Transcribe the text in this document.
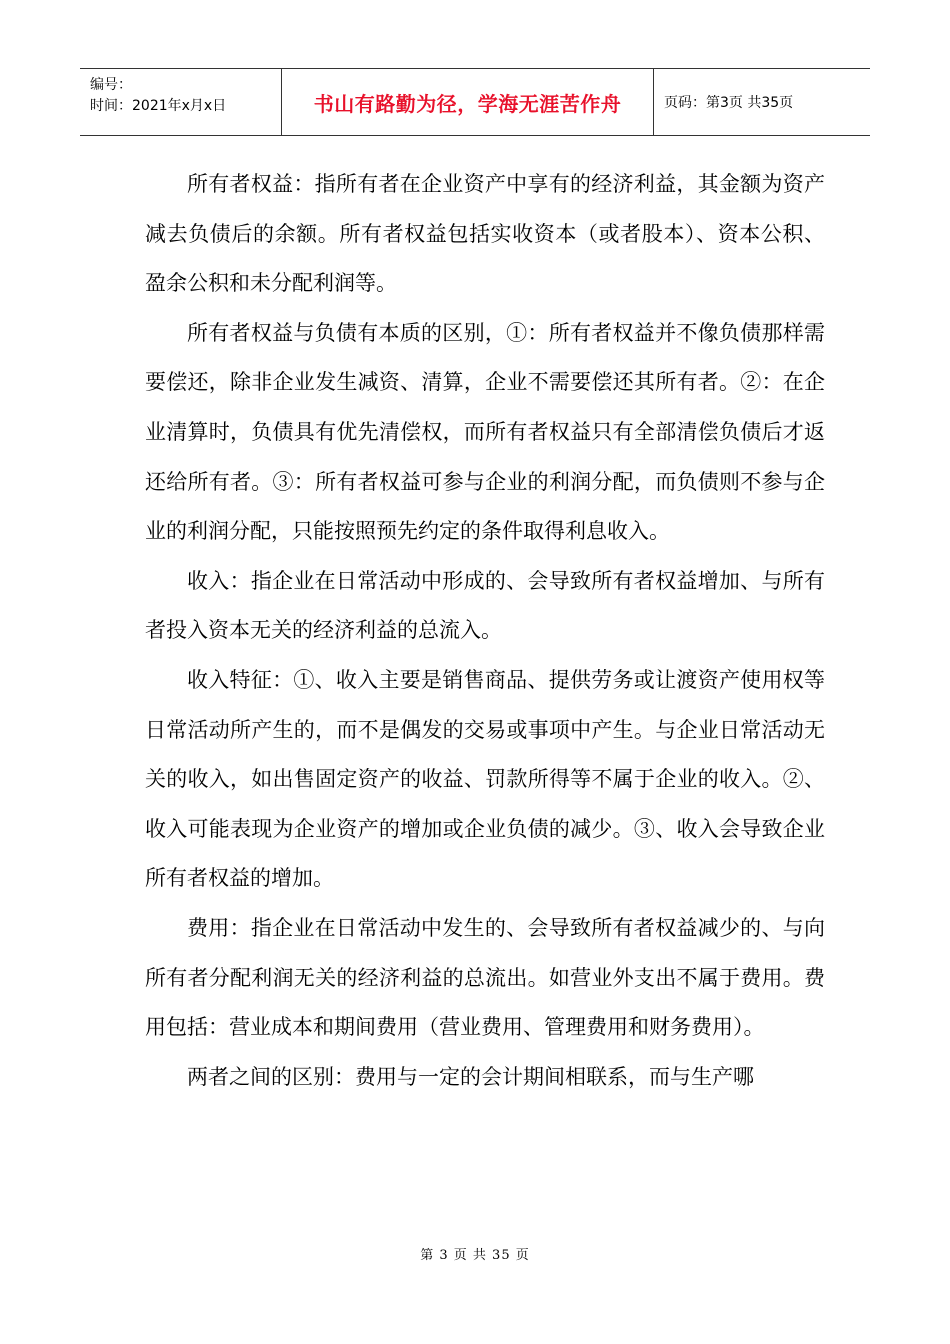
编号：
时间：2021年x月x日	书山有路勤为径，学海无涯苦作舟	页码：第3页 共35页

所有者权益：指所有者在企业资产中享有的经济利益，其金额为资产减去负债后的余额。所有者权益包括实收资本（或者股本）、资本公积、盈余公积和未分配利润等。

所有者权益与负债有本质的区别，①：所有者权益并不像负债那样需要偿还，除非企业发生减资、清算，企业不需要偿还其所有者。②：在企业清算时，负债具有优先清偿权，而所有者权益只有全部清偿负债后才返还给所有者。③：所有者权益可参与企业的利润分配，而负债则不参与企业的利润分配，只能按照预先约定的条件取得利息收入。

收入：指企业在日常活动中形成的、会导致所有者权益增加、与所有者投入资本无关的经济利益的总流入。

收入特征：①、收入主要是销售商品、提供劳务或让渡资产使用权等日常活动所产生的，而不是偶发的交易或事项中产生。与企业日常活动无关的收入，如出售固定资产的收益、罚款所得等不属于企业的收入。②、收入可能表现为企业资产的增加或企业负债的减少。③、收入会导致企业所有者权益的增加。

费用：指企业在日常活动中发生的、会导致所有者权益减少的、与向所有者分配利润无关的经济利益的总流出。如营业外支出不属于费用。费用包括：营业成本和期间费用（营业费用、管理费用和财务费用）。

两者之间的区别：费用与一定的会计期间相联系，而与生产哪

第 3 页 共 35 页
